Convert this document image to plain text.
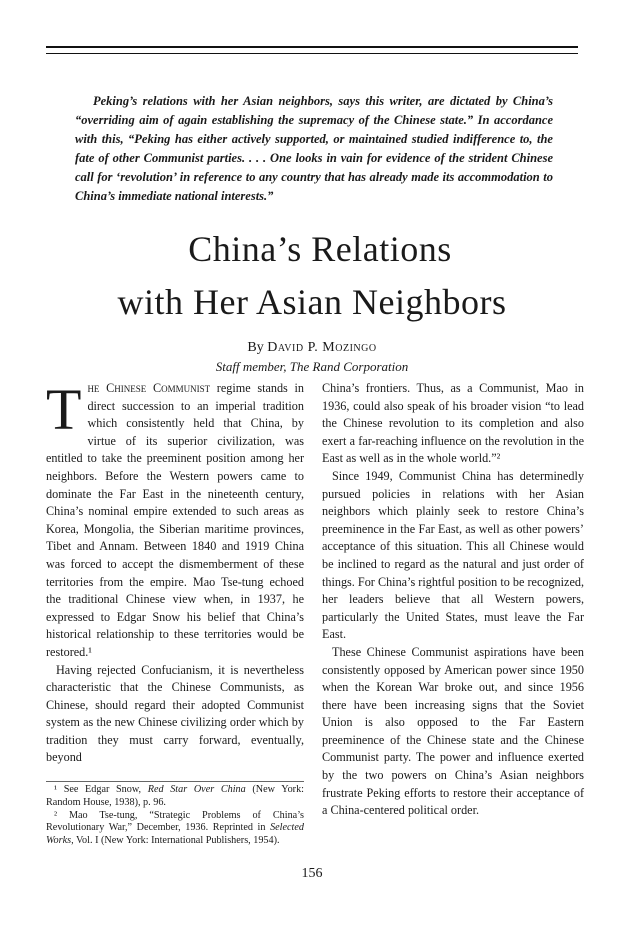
Peking’s relations with her Asian neighbors, says this writer, are dictated by China’s “overriding aim of again establishing the supremacy of the Chinese state.” In accordance with this, “Peking has either actively supported, or maintained studied indifference to, the fate of other Communist parties. . . . One looks in vain for evidence of the strident Chinese call for ‘revolution’ in reference to any country that has already made its accommodation to China’s immediate national interests.”

China’s Relations
with Her Asian Neighbors

By David P. Mozingo

Staff member, The Rand Corporation

The Chinese Communist regime stands in direct succession to an imperial tradition which consistently held that China, by virtue of its superior civilization, was entitled to take the preeminent position among her neighbors. Before the Western powers came to dominate the Far East in the nineteenth century, China’s nominal empire extended to such areas as Korea, Mongolia, the Siberian maritime provinces, Tibet and Annam. Between 1840 and 1919 China was forced to accept the dismemberment of these territories from the empire. Mao Tse-tung echoed the traditional Chinese view when, in 1937, he expressed to Edgar Snow his belief that China’s historical relationship to these territories would be restored.¹

Having rejected Confucianism, it is nevertheless characteristic that the Chinese Communists, as Chinese, should regard their adopted Communist system as the new Chinese civilizing order which by tradition they must carry forward, eventually, beyond

China’s frontiers. Thus, as a Communist, Mao in 1936, could also speak of his broader vision “to lead the Chinese revolution to its completion and also exert a far-reaching influence on the revolution in the East as well as in the whole world.”²

Since 1949, Communist China has determinedly pursued policies in relations with her Asian neighbors which plainly seek to restore China’s preeminence in the Far East, as well as other powers’ acceptance of this situation. This all Chinese would be inclined to regard as the natural and just order of things. For China’s rightful position to be recognized, her leaders believe that all Western powers, particularly the United States, must leave the Far East.

These Chinese Communist aspirations have been consistently opposed by American power since 1950 when the Korean War broke out, and since 1956 there have been increasing signs that the Soviet Union is also opposed to the Far Eastern preeminence of the Chinese state and the Chinese Communist party. The power and influence exerted by the two powers on China’s Asian neighbors frustrate Peking efforts to restore their acceptance of a China-centered political order.

¹ See Edgar Snow, Red Star Over China (New York: Random House, 1938), p. 96.

² Mao Tse-tung, “Strategic Problems of China’s Revolutionary War,” December, 1936. Reprinted in Selected Works, Vol. I (New York: International Publishers, 1954).

156
